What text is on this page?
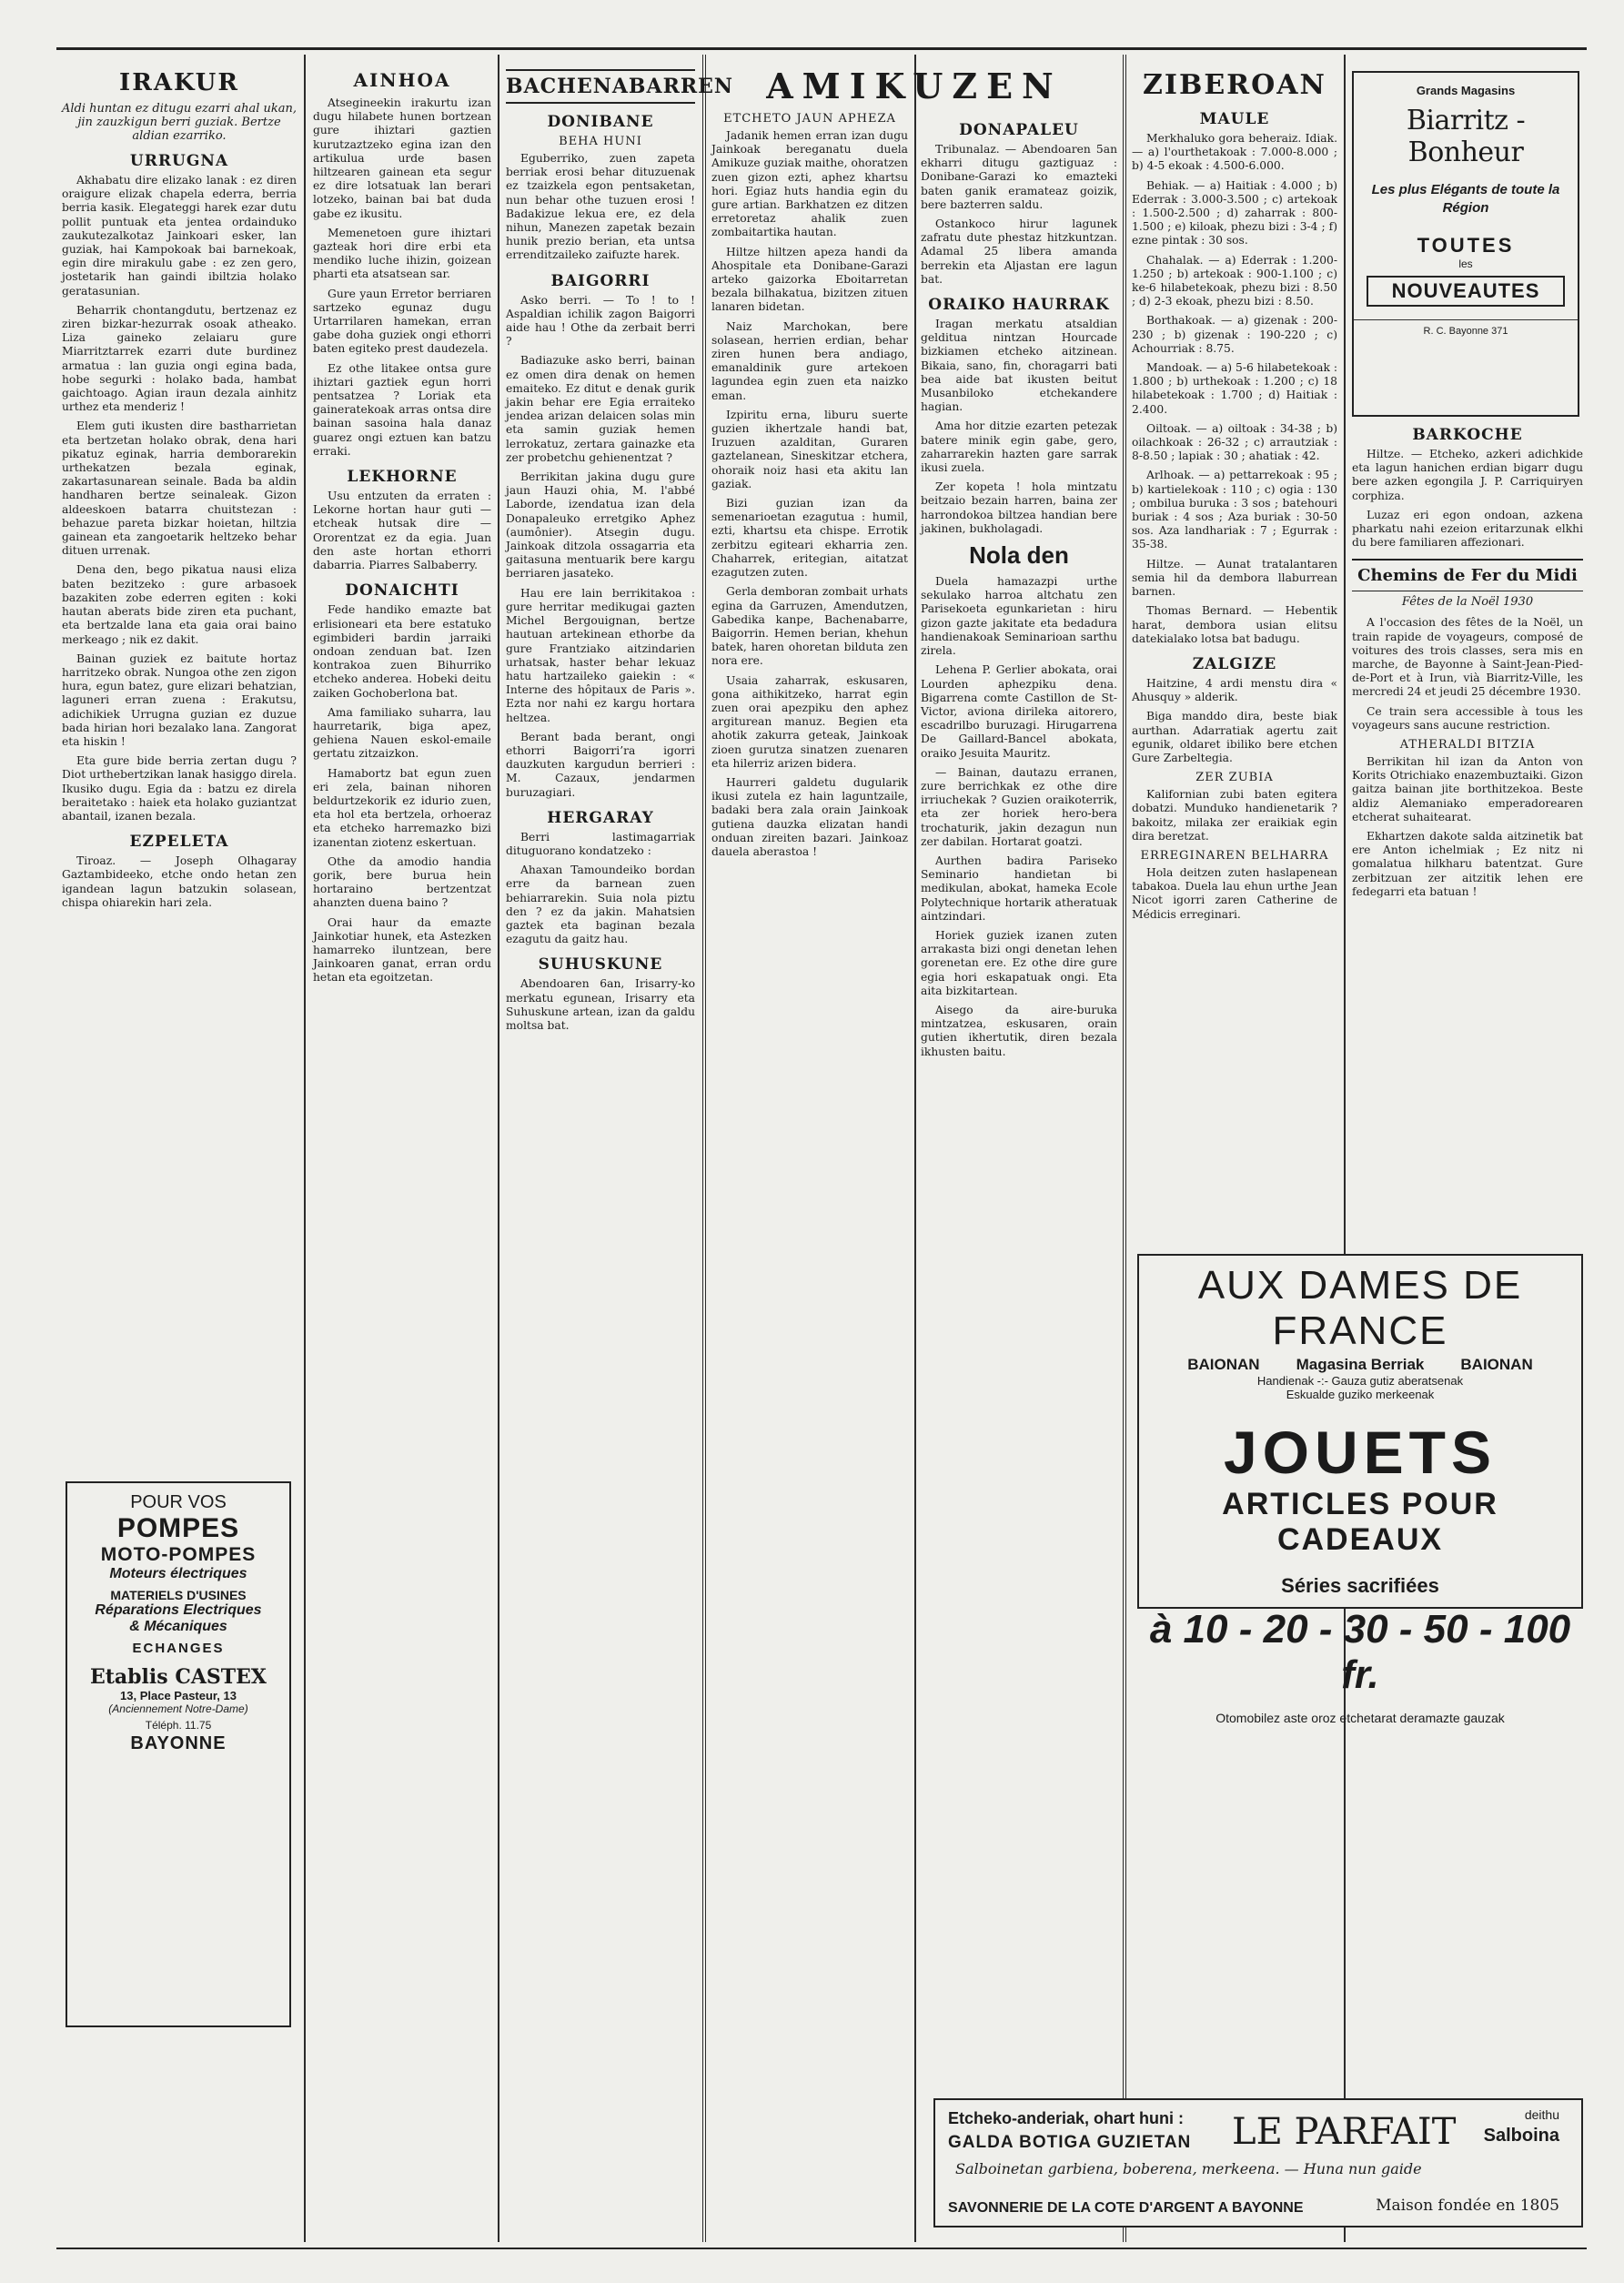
IRAKUR
Aldi huntan ez ditugu ezarri ahal ukan, jin zauzkigun berri guziak. Bertze aldian ezarriko.
URRUGNA

Akhabatu dire elizako lanak : ez diren oraigure elizak chapela ederra, berria berria kasik. Elegateggi harek ezar dutu pollit puntuak eta jentea ordainduko zaukutezalkotaz Jainkoari esker, lan guziak, hai Kampokoak bai barnekoak, egin dire mirakulu gabe : ez zen gero, jostetarik han gaindi ibiltzia holako geratasunian.

Beharrik chontangdutu, bertzenaz ez ziren bizkar-hezurrak osoak atheako. Liza gaineko zelaiaru gure Miarritztarrek ezarri dute burdinez armatua : lan guzia ongi egina bada, hobe segurki : holako bada, hambat gaichtoago. Agian iraun dezala ainhitz urthez eta menderiz !

Elem guti ikusten dire bastharrietan eta bertzetan holako obrak, dena hari pikatuz eginak, harria demborarekin urthekatzen bezala eginak, zakartasunarean seinale. Bada ba aldin handharen bertze seinaleak. Gizon aldeeskoen batarra chuitstezan : behazue pareta bizkar hoietan, hiltzia gainean eta zangoetarik heltzeko behar dituen urrenak.

Dena den, bego pikatua nausi eliza baten bezitzeko : gure arbasoek bazakiten zobe ederren egiten : koki hautan aberats bide ziren eta puchant, eta bertzalde lana eta gaia orai baino merkeago ; nik ez dakit.

Bainan guziek ez baitute hortaz harritzeko obrak. Nungoa othe zen zigon hura, egun batez, gure elizari behatzian, laguneri erran zuena : Erakutsu, adichikiek Urrugna guzian ez duzue bada hirian hori bezalako lana. Zangorat eta hiskin !

Eta gure bide berria zertan dugu ? Diot urthebertzikan lanak hasiggo direla. Ikusiko dugu. Egia da : batzu ez direla beraitetako : haiek eta holako guziantzat abantail, izanen bezala.

EZPELETA

Tiroaz. — Joseph Olhagaray Gaztambideeko, etche ondo hetan zen igandean lagun batzukin solasean, chispa ohiarekin hari zela.

POUR VOS
POMPES
MOTO-POMPES
Moteurs électriques
MATERIELS D'USINES
Réparations Electriques
& Mécaniques
ECHANGES
Etablis CASTEX
13, Place Pasteur, 13
(Anciennement Notre-Dame)
Téléph. 11.75
BAYONNE
AINHOA

Atsegineekin irakurtu izan dugu hilabete hunen bortzean gure ihiztari gaztien kurutzaztzeko egina izan den artikulua urde basen hiltzearen gainean eta segur ez dire lotsatuak lan berari lotzeko, bainan bai bat duda gabe ez ikusitu.

Memenetoen gure ihiztari gazteak hori dire erbi eta mendiko luche ihizin, goizean pharti eta atsatsean sar.

Gure yaun Erretor berriaren sartzeko egunaz dugu Urtarrilaren hamekan, erran gabe doha guziek ongi ethorri baten egiteko prest daudezela.

Ez othe litakee ontsa gure ihiztari gaztiek egun horri pentsatzea ? Loriak eta gaineratekoak arras ontsa dire bainan sasoina hala danaz guarez ongi eztuen kan batzu erraki.

LEKHORNE

Usu entzuten da erraten : Lekorne hortan haur guti — etcheak hutsak dire — Ororentzat ez da egia. Juan den aste hortan ethorri dabarria. Piarres Salbaberry.

DONAICHTI

Fede handiko emazte bat erlisioneari eta bere estatuko egimbideri bardin jarraiki ondoan zenduan bat. Izen kontrakoa zuen Bihurriko etcheko anderea. Hobeki deitu zaiken Gochoberlona bat.

Ama familiako suharra, lau haurretarik, biga apez, gehiena Nauen eskol-emaile gertatu zitzaizkon.

Hamabortz bat egun zuen eri zela, bainan nihoren beldurtzekorik ez idurio zuen, eta hol eta bertzela, orhoeraz eta etcheko harremazko bizi izanentan ziotenz eskertuan.

Othe da amodio handia gorik, bere burua hein hortaraino bertzentzat ahanzten duena baino ?

Orai haur da emazte Jainkotiar hunek, eta Astezken hamarreko iluntzean, bere Jainkoaren ganat, erran ordu hetan eta egoitzetan.

BACHENABARREN
DONIBANE
BEHA HUNI

Eguberriko, zuen zapeta berriak erosi behar dituzuenak ez tzaizkela egon pentsaketan, nun behar othe tuzuen erosi ! Badakizue lekua ere, ez dela nihun, Manezen zapetak bezain hunik prezio berian, eta untsa errenditzaileko zaifuzte harek.

BAIGORRI

Asko berri. — To ! to ! Aspaldian ichilik zagon Baigorri aide hau ! Othe da zerbait berri ?

Badiazuke asko berri, bainan ez omen dira denak on hemen emaiteko. Ez ditut e denak gurik jakin behar ere Egia erraiteko jendea arizan delaicen solas min eta samin guziak hemen lerrokatuz, zertara gainazke eta zer probetchu gehienentzat ?

Berrikitan jakina dugu gure jaun Hauzi ohia, M. l'abbé Laborde, izendatua izan dela Donapaleuko erretgiko Aphez (aumônier). Atsegin dugu. Jainkoak ditzola ossagarria eta gaitasuna mentuarik bere kargu berriaren jasateko.

Hau ere lain berrikitakoa : gure herritar medikugai gazten Michel Bergouignan, bertze hautuan artekinean ethorbe da gure Frantziako aitzindarien urhatsak, haster behar lekuaz hatu hartzaileko gaiekin : « Interne des hôpitaux de Paris ». Ezta nor nahi ez kargu hortara heltzea.

Berant bada berant, ongi ethorri Baigorri’ra igorri dauzkuten kargudun berrieri : M. Cazaux, jendarmen buruzagiari.

HERGARAY

Berri lastimagarriak dituguorano kondatzeko :

Ahaxan Tamoundeiko bordan erre da barnean zuen behiarrarekin. Suia nola piztu den ? ez da jakin. Mahatsien gaztek eta baginan bezala ezagutu da gaitz hau.

SUHUSKUNE

Abendoaren 6an, Irisarry-ko merkatu egunean, Irisarry eta Suhuskune artean, izan da galdu moltsa bat.

AMIKUZEN
ETCHETO JAUN APHEZA

Jadanik hemen erran izan dugu Jainkoak bereganatu duela Amikuze guziak maithe, ohoratzen zuen gizon ezti, aphez khartsu hori. Egiaz huts handia egin du gure artian. Barkhatzen ez ditzen erretoretaz ahalik zuen zombaitartika hautan.

Hiltze hiltzen apeza handi da Ahospitale eta Donibane-Garazi arteko gaizorka Eboitarretan bezala bilhakatua, bizitzen zituen lanaren bidetan.

Naiz Marchokan, bere solasean, herrien erdian, behar ziren hunen bera andiago, emanaldinik gure artekoen lagundea egin zuen eta naizko eman.

Izpiritu erna, liburu suerte guzien ikhertzale handi bat, Iruzuen azalditan, Guraren gaztelanean, Sineskitzar etchera, ohoraik noiz hasi eta akitu lan gaziak.

Bizi guzian izan da semenarioetan ezagutua : humil, ezti, khartsu eta chispe. Errotik zerbitzu egiteari ekharria zen. Chaharrek, eritegian, aitatzat ezagutzen zuten.

Gerla demboran zombait urhats egina da Garruzen, Amendutzen, Gabedika kanpe, Bachenabarre, Baigorrin. Hemen berian, khehun batek, haren ohoretan bilduta zen nora ere.

Usaia zaharrak, eskusaren, gona aithikitzeko, harrat egin zuen orai apezpiku den aphez argiturean manuz. Begien eta ahotik zakurra geteak, Jainkoak zioen gurutza sinatzen zuenaren eta hilerriz arizen bidera.

Haurreri galdetu dugularik ikusi zutela ez hain laguntzaile, badaki bera zala orain Jainkoak gutiena dauzka elizatan handi onduan zireiten bazari. Jainkoaz dauela aberastoa !

DONAPALEU

Tribunalaz. — Abendoaren 5an ekharri ditugu gaztiguaz : Donibane-Garazi ko emazteki baten ganik eramateaz goizik, bere bazterren saldu.

Ostankoco hirur lagunek zafratu dute phestaz hitzkuntzan. Adamal 25 libera amanda berrekin eta Aljastan ere lagun bat.

ORAIKO HAURRAK

Iragan merkatu atsaldian gelditua nintzan Hourcade bizkiamen etcheko aitzinean. Bikaia, sano, fin, choragarri bati bea aide bat ikusten beitut Musanbiloko etchekandere hagian.

Ama hor ditzie ezarten petezak batere minik egin gabe, gero, zaharrarekin hazten gare sarrak ikusi zuela.

Zer kopeta ! hola mintzatu beitzaio bezain harren, baina zer harrondokoa biltzea handian bere jakinen, bukholagadi.

Nola den

Duela hamazazpi urthe sekulako harroa altchatu zen Parisekoeta egunkarietan : hiru gizon gazte jakitate eta bedadura handienakoak Seminarioan sarthu zirela.

Lehena P. Gerlier abokata, orai Lourden aphezpiku dena. Bigarrena comte Castillon de St-Victor, aviona dirileka aitorero, escadrilbo buruzagi. Hirugarrena De Gaillard-Bancel abokata, oraiko Jesuita Mauritz.

— Bainan, dautazu erranen, zure berrichkak ez othe dire irriuchekak ? Guzien oraikoterrik, eta zer horiek hero-bera trochaturik, jakin dezagun nun zer dabilan. Hortarat goatzi.

Aurthen badira Pariseko Seminario handietan bi medikulan, abokat, hameka Ecole Polytechnique hortarik atheratuak aintzindari.

Horiek guziek izanen zuten arrakasta bizi ongi denetan lehen gorenetan ere. Ez othe dire gure egia hori eskapatuak ongi. Eta aita bizkitartean.

Aisego da aire-buruka mintzatzea, eskusaren, orain gutien ikhertutik, diren bezala ikhusten baitu.

ZIBEROAN
MAULE

Merkhaluko gora beheraiz. Idiak. — a) l'ourthetakoak : 7.000-8.000 ; b) 4-5 ekoak : 4.500-6.000.

Behiak. — a) Haitiak : 4.000 ; b) Ederrak : 3.000-3.500 ; c) artekoak : 1.500-2.500 ; d) zaharrak : 800-1.500 ; e) kiloak, phezu bizi : 3-4 ; f) ezne pintak : 30 sos.

Chahalak. — a) Ederrak : 1.200-1.250 ; b) artekoak : 900-1.100 ; c) ke-6 hilabetekoak, phezu bizi : 8.50 ; d) 2-3 ekoak, phezu bizi : 8.50.

Borthakoak. — a) gizenak : 200-230 ; b) gizenak : 190-220 ; c) Achourriak : 8.75.

Mandoak. — a) 5-6 hilabetekoak : 1.800 ; b) urthekoak : 1.200 ; c) 18 hilabetekoak : 1.700 ; d) Haitiak : 2.400.

Oiltoak. — a) oiltoak : 34-38 ; b) oilachkoak : 26-32 ; c) arrautziak : 8-8.50 ; lapiak : 30 ; ahatiak : 42.

Arlhoak. — a) pettarrekoak : 95 ; b) kartielekoak : 110 ; c) ogia : 130 ; ombilua buruka : 3 sos ; batehouri buriak : 4 sos ; Aza buriak : 30-50 sos. Aza landhariak : 7 ; Egurrak : 35-38.

Hiltze. — Aunat tratalantaren semia hil da dembora llaburrean barnen.

Thomas Bernard. — Hebentik harat, dembora usian elitsu datekialako lotsa bat badugu.

ZALGIZE

Haitzine, 4 ardi menstu dira « Ahusquy » alderik.

Biga manddo dira, beste biak aurthan. Adarratiak agertu zait egunik, oldaret ibiliko bere etchen Gure Zarbeltegia.

ZER ZUBIA

Kalifornian zubi baten egitera dobatzi. Munduko handienetarik ? bakoitz, milaka zer eraikiak egin dira beretzat.

ERREGINAREN BELHARRA

Hola deitzen zuten haslapenean tabakoa. Duela lau ehun urthe Jean Nicot igorri zaren Catherine de Médicis erreginari.

Grands Magasins
Biarritz - Bonheur
Les plus Elégants de toute la Région
TOUTES
les
NOUVEAUTES
R. C. Bayonne 371
BARKOCHE

Hiltze. — Etcheko, azkeri adichkide eta lagun hanichen erdian bigarr dugu bere azken egongila J. P. Carriquiryen corphiza.

Luzaz eri egon ondoan, azkena pharkatu nahi ezeion eritarzunak elkhi du bere familiaren affezionari.

Chemins de Fer du Midi
Fêtes de la Noël 1930

A l'occasion des fêtes de la Noël, un train rapide de voyageurs, composé de voitures des trois classes, sera mis en marche, de Bayonne à Saint-Jean-Pied-de-Port et à Irun, vià Biarritz-Ville, les mercredi 24 et jeudi 25 décembre 1930.

Ce train sera accessible à tous les voyageurs sans aucune restriction.

ATHERALDI BITZIA

Berrikitan hil izan da Anton von Korits Otrichiako enazembuztaiki. Gizon gaitza bainan jite borthitzekoa. Beste aldiz Alemaniako emperadorearen etcherat suhaitearat.

Ekhartzen dakote salda aitzinetik bat ere Anton ichelmiak ; Ez nitz ni gomalatua hilkharu batentzat. Gure zerbitzuan zer aitzitik lehen ere fedegarri eta batuan !

AUX DAMES DE FRANCE
BAIONAN Magasina Berriak BAIONAN
Handienak -:- Gauza gutiz aberatsenak
Eskualde guziko merkeenak
JOUETS
ARTICLES POUR CADEAUX
Séries sacrifiées
à 10 - 20 - 30 - 50 - 100 fr.
Otomobilez aste oroz etchetarat deramazte gauzak
Etcheko-anderiak, ohart huni :
GALDA BOTIGA GUZIETAN
Salboinetan garbiena, boberena, merkeena. — Huna nun gaide
LE PARFAIT	deithu
Salboina
SAVONNERIE DE LA COTE D'ARGENT A BAYONNE	Maison fondée en 1805
